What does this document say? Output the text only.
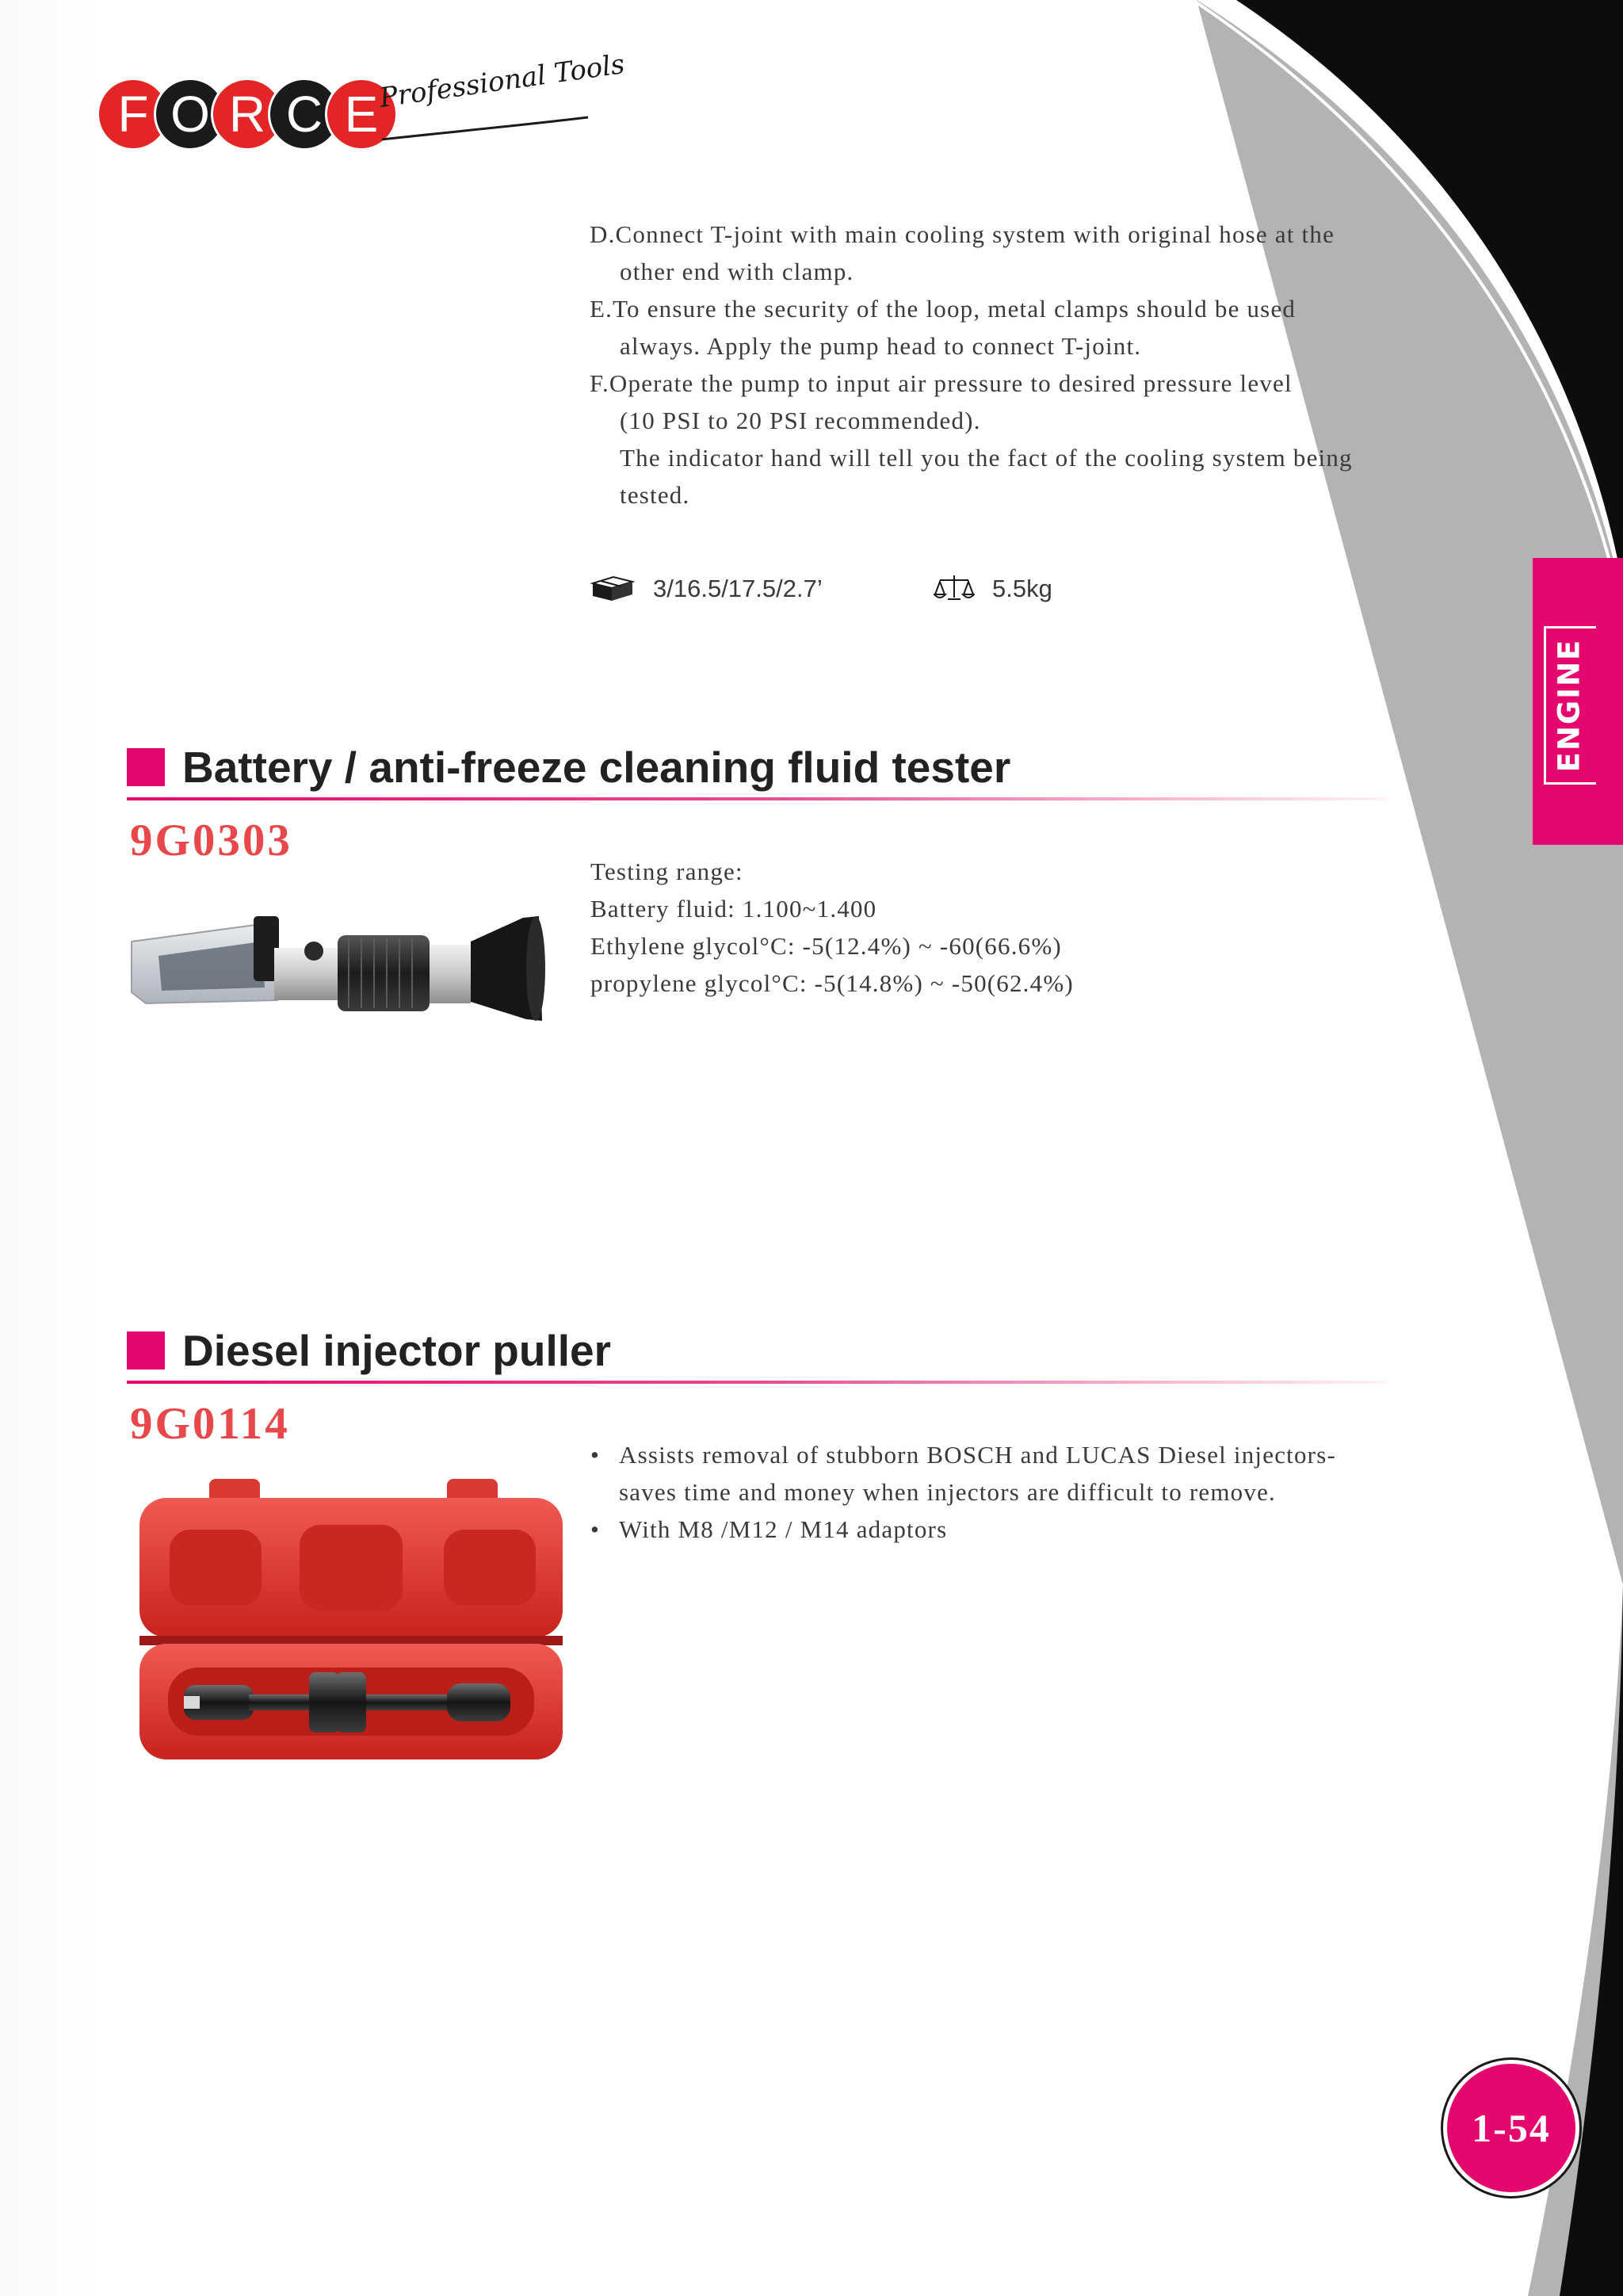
F O R C E
Professional Tools

D.Connect T-joint with main cooling system with original hose at the

other end with clamp.

E.To ensure the security of the loop, metal clamps should be used

always. Apply the pump head to connect T-joint.

F.Operate the pump to input air pressure to desired pressure level

(10 PSI to 20 PSI recommended).

The indicator hand will tell you the fact of the cooling system being

tested.

3/16.5/17.5/2.7’	5.5kg
ENGINE
Battery / anti-freeze cleaning fluid tester
9G0303

Testing range:

Battery fluid: 1.100~1.400

Ethylene glycol°C: -5(12.4%) ~ -60(66.6%)

propylene glycol°C: -5(14.8%) ~ -50(62.4%)

Diesel injector puller
9G0114

• Assists removal of stubborn BOSCH and LUCAS Diesel injectors-

saves time and money when injectors are difficult to remove.

• With M8 /M12 / M14 adaptors

1-54
